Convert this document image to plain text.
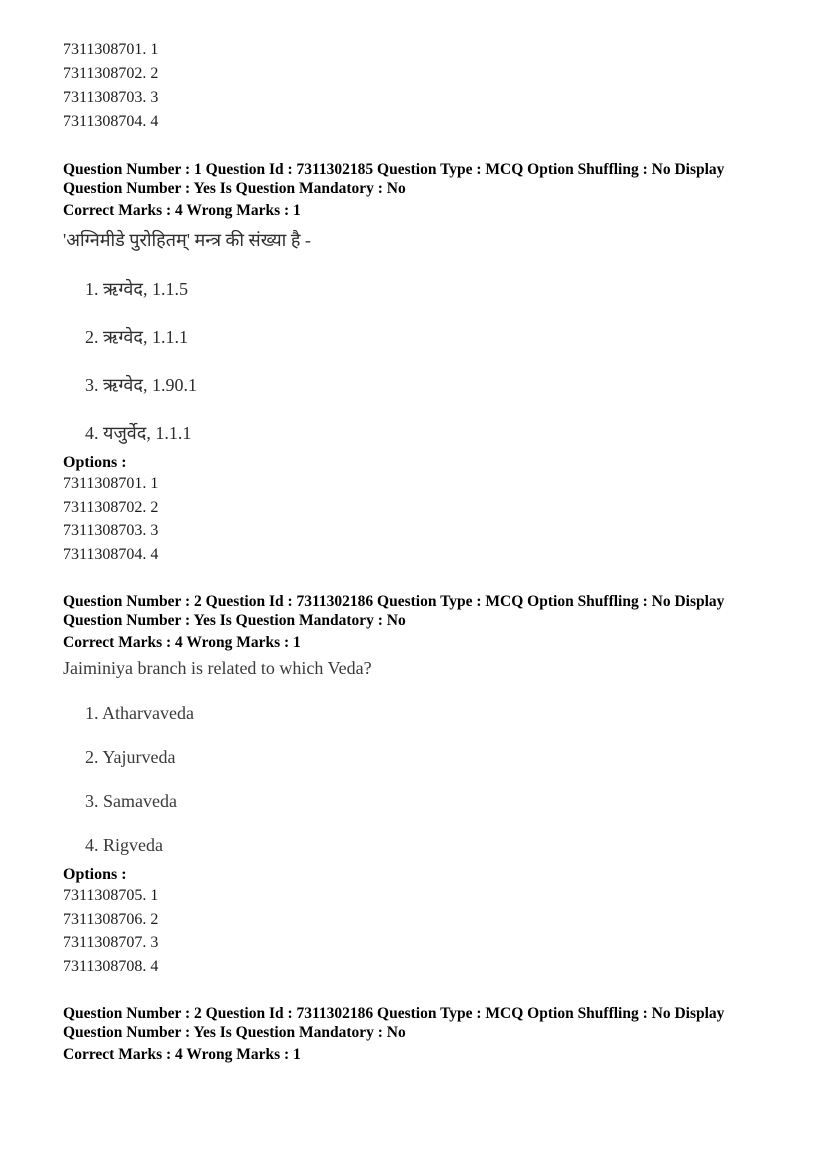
7311308701. 1
7311308702. 2
7311308703. 3
7311308704. 4
Question Number : 1 Question Id : 7311302185 Question Type : MCQ Option Shuffling : No Display
Question Number : Yes Is Question Mandatory : No
Correct Marks : 4 Wrong Marks : 1
'अग्निमीडे पुरोहितम्' मन्त्र की संख्या है -
1. ऋग्वेद, 1.1.5
2. ऋग्वेद, 1.1.1
3. ऋग्वेद, 1.90.1
4. यजुर्वेद, 1.1.1
Options :
7311308701. 1
7311308702. 2
7311308703. 3
7311308704. 4
Question Number : 2 Question Id : 7311302186 Question Type : MCQ Option Shuffling : No Display
Question Number : Yes Is Question Mandatory : No
Correct Marks : 4 Wrong Marks : 1
Jaiminiya branch is related to which Veda?
1. Atharvaveda
2. Yajurveda
3. Samaveda
4. Rigveda
Options :
7311308705. 1
7311308706. 2
7311308707. 3
7311308708. 4
Question Number : 2 Question Id : 7311302186 Question Type : MCQ Option Shuffling : No Display
Question Number : Yes Is Question Mandatory : No
Correct Marks : 4 Wrong Marks : 1
